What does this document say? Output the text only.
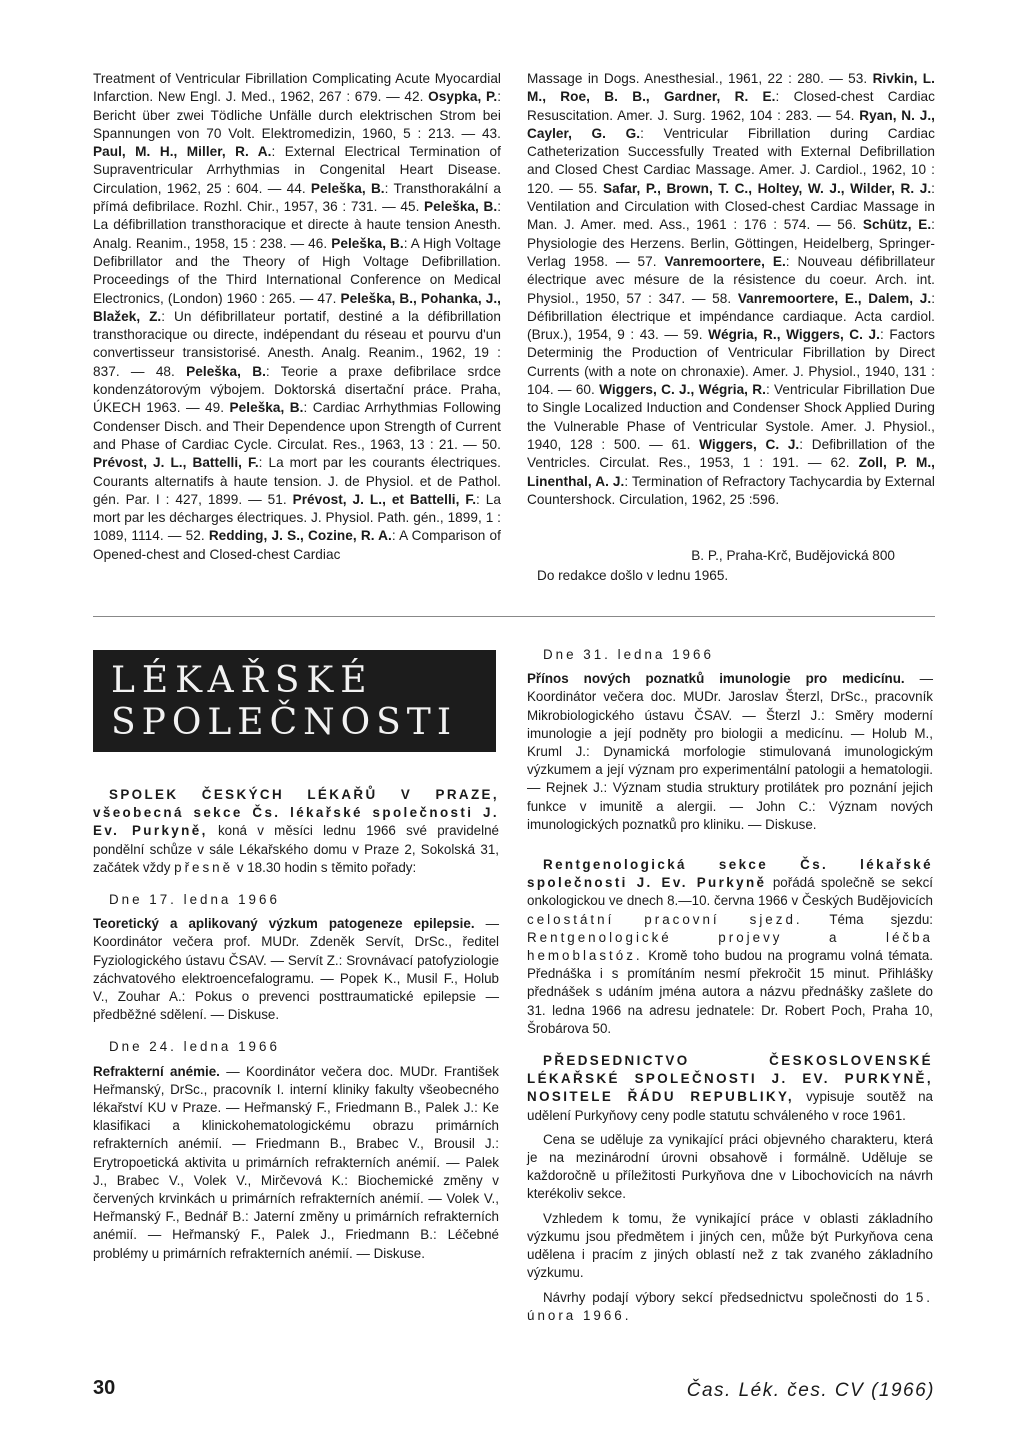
Treatment of Ventricular Fibrillation Complicating Acute Myocardial Infarction. New Engl. J. Med., 1962, 267 : 679. — 42. Osypka, P.: Bericht über zwei Tödliche Unfälle durch elektrischen Strom bei Spannungen von 70 Volt. Elektromedizin, 1960, 5 : 213. — 43. Paul, M. H., Miller, R. A.: External Electrical Termination of Supraventricular Arrhythmias in Congenital Heart Disease. Circulation, 1962, 25 : 604. — 44. Peleška, B.: Transthorakální a přímá defibrilace. Rozhl. Chir., 1957, 36 : 731. — 45. Peleška, B.: La défibrillation transthoracique et directe à haute tension Anesth. Analg. Reanim., 1958, 15 : 238. — 46. Peleška, B.: A High Voltage Defibrillator and the Theory of High Voltage Defibrillation. Proceedings of the Third International Conference on Medical Electronics, (London) 1960 : 265. — 47. Peleška, B., Pohanka, J., Blažek, Z.: Un défibrillateur portatif, destiné a la défibrillation transthoracique ou directe, indépendant du réseau et pourvu d'un convertisseur transistorisé. Anesth. Analg. Reanim., 1962, 19 : 837. — 48. Peleška, B.: Teorie a praxe defibrilace srdce kondenzátorovým výbojem. Doktorská disertační práce. Praha, ÚKECH 1963. — 49. Peleška, B.: Cardiac Arrhythmias Following Condenser Disch. and Their Dependence upon Strength of Current and Phase of Cardiac Cycle. Circulat. Res., 1963, 13 : 21. — 50. Prévost, J. L., Battelli, F.: La mort par les courants électriques. Courants alternatifs à haute tension. J. de Physiol. et de Pathol. gén. Par. I : 427, 1899. — 51. Prévost, J. L., et Battelli, F.: La mort par les décharges électriques. J. Physiol. Path. gén., 1899, 1 : 1089, 1114. — 52. Redding, J. S., Cozine, R. A.: A Comparison of Opened-chest and Closed-chest Cardiac
Massage in Dogs. Anesthesial., 1961, 22 : 280. — 53. Rivkin, L. M., Roe, B. B., Gardner, R. E.: Closed-chest Cardiac Resuscitation. Amer. J. Surg. 1962, 104 : 283. — 54. Ryan, N. J., Cayler, G. G.: Ventricular Fibrillation during Cardiac Catheterization Successfully Treated with External Defibrillation and Closed Chest Cardiac Massage. Amer. J. Cardiol., 1962, 10 : 120. — 55. Safar, P., Brown, T. C., Holtey, W. J., Wilder, R. J.: Ventilation and Circulation with Closed-chest Cardiac Massage in Man. J. Amer. med. Ass., 1961 : 176 : 574. — 56. Schütz, E.: Physiologie des Herzens. Berlin, Göttingen, Heidelberg, Springer-Verlag 1958. — 57. Vanremoortere, E.: Nouveau défibrillateur électrique avec mésure de la résistence du coeur. Arch. int. Physiol., 1950, 57 : 347. — 58. Vanremoortere, E., Dalem, J.: Défibrillation électrique et impéndance cardiaque. Acta cardiol. (Brux.), 1954, 9 : 43. — 59. Wégria, R., Wiggers, C. J.: Factors Determinig the Production of Ventricular Fibrillation by Direct Currents (with a note on chronaxie). Amer. J. Physiol., 1940, 131 : 104. — 60. Wiggers, C. J., Wégria, R.: Ventricular Fibrillation Due to Single Localized Induction and Condenser Shock Applied During the Vulnerable Phase of Ventricular Systole. Amer. J. Physiol., 1940, 128 : 500. — 61. Wiggers, C. J.: Defibrillation of the Ventricles. Circulat. Res., 1953, 1 : 191. — 62. Zoll, P. M., Linenthal, A. J.: Termination of Refractory Tachycardia by External Countershock. Circulation, 1962, 25 :596.
B. P., Praha-Krč, Budějovická 800
Do redakce došlo v lednu 1965.
LÉKAŘSKÉ
SPOLEČNOSTI

SPOLEK ČESKÝCH LÉKAŘŮ V PRAZE, všeobecná sekce Čs. lékařské společnosti J. Ev. Purkyně, koná v měsíci lednu 1966 své pravidelné pondělní schůze v sále Lékařského domu v Praze 2, Sokolská 31, začátek vždy přesně v 18.30 hodin s těmito pořady:

Dne 17. ledna 1966

Teoretický a aplikovaný výzkum patogeneze epilepsie. — Koordinátor večera prof. MUDr. Zdeněk Servít, DrSc., ředitel Fyziologického ústavu ČSAV. — Servít Z.: Srovnávací patofyziologie záchvatového elektroencefalogramu. — Popek K., Musil F., Holub V., Zouhar A.: Pokus o prevenci posttraumatické epilepsie — předběžné sdělení. — Diskuse.

Dne 24. ledna 1966

Refrakterní anémie. — Koordinátor večera doc. MUDr. František Heřmanský, DrSc., pracovník I. interní kliniky fakulty všeobecného lékařství KU v Praze. — Heřmanský F., Friedmann B., Palek J.: Ke klasifikaci a klinickohematologickému obrazu primárních refrakterních anémií. — Friedmann B., Brabec V., Brousil J.: Erytropoetická aktivita u primárních refrakterních anémií. — Palek J., Brabec V., Volek V., Mirčevová K.: Biochemické změny v červených krvinkách u primárních refrakterních anémií. — Volek V., Heřmanský F., Bednář B.: Jaterní změny u primárních refrakterních anémií. — Heřmanský F., Palek J., Friedmann B.: Léčebné problémy u primárních refrakterních anémií. — Diskuse.

Dne 31. ledna 1966

Přínos nových poznatků imunologie pro medicínu. — Koordinátor večera doc. MUDr. Jaroslav Šterzl, DrSc., pracovník Mikrobiologického ústavu ČSAV. — Šterzl J.: Směry moderní imunologie a její podněty pro biologii a medicínu. — Holub M., Kruml J.: Dynamická morfologie stimulovaná imunologickým výzkumem a její význam pro experimentální patologii a hematologii. — Rejnek J.: Význam studia struktury protilátek pro poznání jejich funkce v imunitě a alergii. — John C.: Význam nových imunologických poznatků pro kliniku. — Diskuse.

Rentgenologická sekce Čs. lékařské společnosti J. Ev. Purkyně pořádá společně se sekcí onkologickou ve dnech 8.—10. června 1966 v Českých Budějovicích celostátní pracovní sjezd. Téma sjezdu: Rentgenologické projevy a léčba hemoblastóz. Kromě toho budou na programu volná témata. Přednáška i s promítáním nesmí překročit 15 minut. Přihlášky přednášek s udáním jména autora a názvu přednášky zašlete do 31. ledna 1966 na adresu jednatele: Dr. Robert Poch, Praha 10, Šrobárova 50.

PŘEDSEDNICTVO ČESKOSLOVENSKÉ LÉKAŘSKÉ SPOLEČNOSTI J. EV. PURKYNĚ, NOSITELE ŘÁDU REPUBLIKY, vypisuje soutěž na udělení Purkyňovy ceny podle statutu schváleného v roce 1961.

Cena se uděluje za vynikající práci objevného charakteru, která je na mezinárodní úrovni obsahově i formálně. Uděluje se každoročně u příležitosti Purkyňova dne v Libochovicích na návrh kterékoliv sekce.

Vzhledem k tomu, že vynikající práce v oblasti základního výzkumu jsou předmětem i jiných cen, může být Purkyňova cena udělena i pracím z jiných oblastí než z tak zvaného základního výzkumu.

Návrhy podají výbory sekcí předsednictvu společnosti do 15. února 1966.

30	Čas. Lék. čes. CV (1966)
